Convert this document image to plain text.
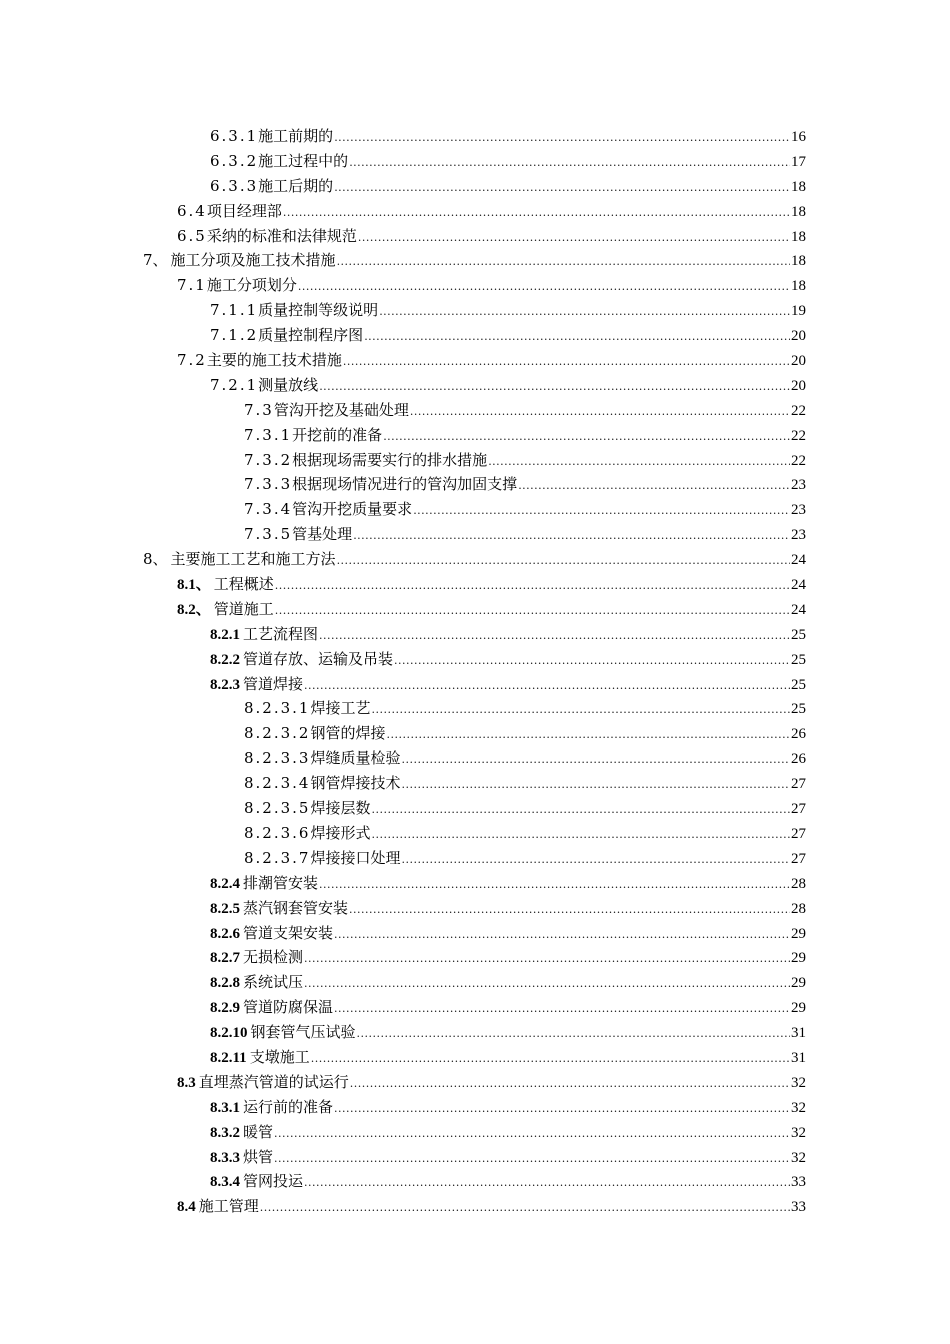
6.3.1施工前期的 .....	16
6.3.2施工过程中的 .....	17
6.3.3施工后期的 .....	18
6.4项目经理部 .....	18
6.5采纳的标准和法律规范 .....	18
7、 施工分项及施工技术措施 .....	18
7.1施工分项划分 .....	18
7.1.1质量控制等级说明 .....	19
7.1.2质量控制程序图 .....	20
7.2主要的施工技术措施 .....	20
7.2.1测量放线 .....	20
7.3管沟开挖及基础处理 .....	22
7.3.1开挖前的准备 .....	22
7.3.2根据现场需要实行的排水措施 .....	22
7.3.3根据现场情况进行的管沟加固支撑 .....	23
7.3.4管沟开挖质量要求 .....	23
7.3.5管基处理 .....	23
8、 主要施工工艺和施工方法 .....	24
8.1、 工程概述 .....	24
8.2、 管道施工 .....	24
8.2.1 工艺流程图 .....	25
8.2.2 管道存放、运输及吊装 .....	25
8.2.3 管道焊接 .....	25
8.2.3.1焊接工艺 .....	25
8.2.3.2钢管的焊接 .....	26
8.2.3.3焊缝质量检验 .....	26
8.2.3.4钢管焊接技术 .....	27
8.2.3.5焊接层数 .....	27
8.2.3.6焊接形式 .....	27
8.2.3.7焊接接口处理 .....	27
8.2.4 排潮管安装 .....	28
8.2.5 蒸汽钢套管安装 .....	28
8.2.6 管道支架安装 .....	29
8.2.7 无损检测 .....	29
8.2.8 系统试压 .....	29
8.2.9 管道防腐保温 .....	29
8.2.10 钢套管气压试验 .....	31
8.2.11 支墩施工 .....	31
8.3 直埋蒸汽管道的试运行 .....	32
8.3.1 运行前的准备 .....	32
8.3.2 暖管 .....	32
8.3.3 烘管 .....	32
8.3.4 管网投运 .....	33
8.4 施工管理 .....	33
